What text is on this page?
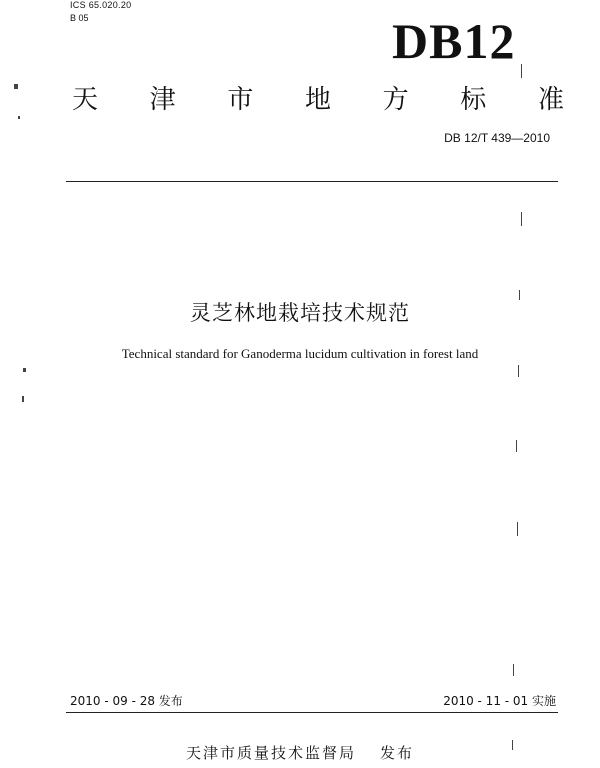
ICS 65.020.20
B 05	DB12
天 津 市 地 方 标 准
DB 12/T 439—2010
灵芝林地栽培技术规范
Technical standard for Ganoderma lucidum cultivation in forest land
2010 - 09 - 28 发布	2010 - 11 - 01 实施
天津市质量技术监督局 发布
